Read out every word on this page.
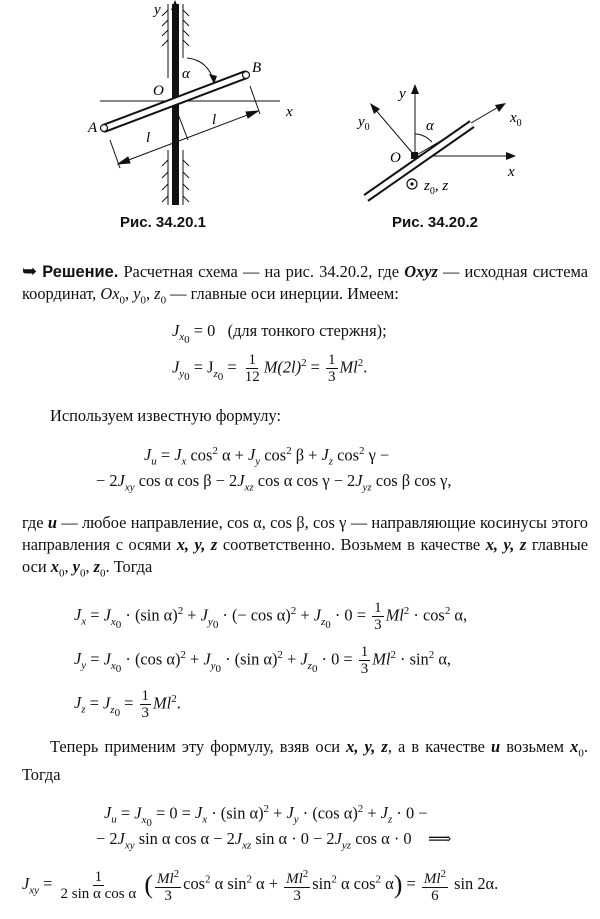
y
x
O
A
B
α
l
l
Рис. 34.20.1
y
$y_0$
$x_0$
x
O
α
$z_0$, z
Рис. 34.20.2
➥ Решение. Расчетная схема — на рис. 34.20.2, где Oxyz — исходная система координат, $Ox_0$, $y_0$, $z_0$ — главные оси инерции. Имеем:
$J_{x_0} = 0$ (для тонкого стержня);
$J_{y_0} = J_{z_0} = \frac{1}{12} M(2l)^2 = \frac{1}{3} Ml^2$.
Используем известную формулу:
$J_u = J_x$ $\cos^2 \alpha + J_y$ $\cos^2 \beta + J_z$ $\cos^2 \gamma$ −
− $2J_{xy}$ cos α $\cos \beta - 2J_{xz}$ cos α $\cos \gamma - 2J_{yz}$ cos β cos γ,
где u — любое направление, cos α, cos β, cos γ — направляющие косинусы этого направления с осями x, y, z соответственно. Возьмем в качестве x, y, z главные оси $x_0$, $y_0$, $z_0$. Тогда
$J_x = J_{x_0} \cdot (\sin$ $\alpha)^2 + J_{y_0}$ · (− $\cos \alpha)^2 + J_{z_0} \cdot 0 = \frac{1}{3} Ml^2 \cdot \cos^2 \alpha$,
$J_y = J_{x_0} \cdot (\cos$ $\alpha)^2 + J_{y_0} \cdot (\sin$ $\alpha)^2 + J_{z_0} \cdot 0 = \frac{1}{3} Ml^2 \cdot \sin^2 \alpha$,
$J_z = J_{z_0} = \frac{1}{3} Ml^2$.
Теперь применим эту формулу, взяв оси x, y, z, а в качестве u возьмем $x_0$. Тогда
$J_u = J_{x_0} = 0 = J_x \cdot (\sin$ $\alpha)^2 + J_y \cdot (\cos$ $\alpha)^2 + J_z \cdot 0$ −
− $2J_{xy}$ sin α $\cos \alpha - 2J_{xz}$ $\sin \alpha \cdot 0 - 2J_{yz}$ cos α · 0    ⟹
$J_{xy} = \frac{1}{\text{2 sin α cos α}}$ ( $\frac{Ml^2}{3} \cos^2 \alpha$ $\sin^2 \alpha + \frac{Ml^2}{3} \sin^2 \alpha$ $\cos^2 \alpha) = \frac{Ml^2}{6}$ sin 2α.
